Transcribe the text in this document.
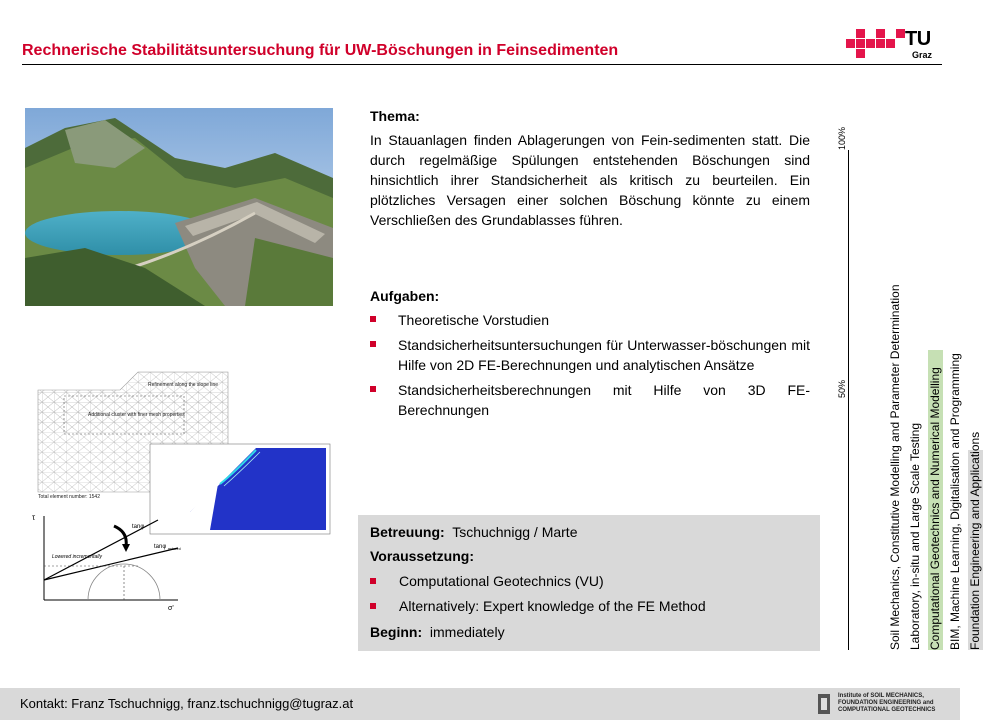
Rechnerische Stabilitätsuntersuchung für UW-Böschungen in Feinsedimenten
TU
Graz
Refinement along the slope line
Additional cluster with finer mesh properties
Total element number: 1542
τ
σ'
Lowered incrementally
tanφ
tanφ reduced
Thema:
In Stauanlagen finden Ablagerungen von Fein-sedimenten statt. Die durch regelmäßige Spülungen entstehenden Böschungen sind hinsichtlich ihrer Standsicherheit als kritisch zu beurteilen. Ein plötzliches Versagen einer solchen Böschung könnte zu einem Verschließen des Grundablasses führen.
Aufgaben:
Theoretische Vorstudien
Standsicherheitsuntersuchungen für Unterwasser-böschungen mit Hilfe von 2D FE-Berechnungen und analytischen Ansätze
Standsicherheitsberechnungen mit Hilfe von 3D FE-Berechnungen
Betreuung: Tschuchnigg / Marte
Voraussetzung:
Computational Geotechnics (VU)
Alternatively: Expert knowledge of the FE Method
Beginn: immediately
100%
50%	Soil Mechanics, Constitutive Modelling and Parameter Determination Laboratory, in-situ and Large Scale Testing Computational Geotechnics and Numerical Modelling BIM, Machine Learning, Digitalisation and Programming Foundation Engineering and Applications
Kontakt: Franz Tschuchnigg, franz.tschuchnigg@tugraz.at	Institute of SOIL MECHANICS,
FOUNDATION ENGINEERING and
COMPUTATIONAL GEOTECHNICS
